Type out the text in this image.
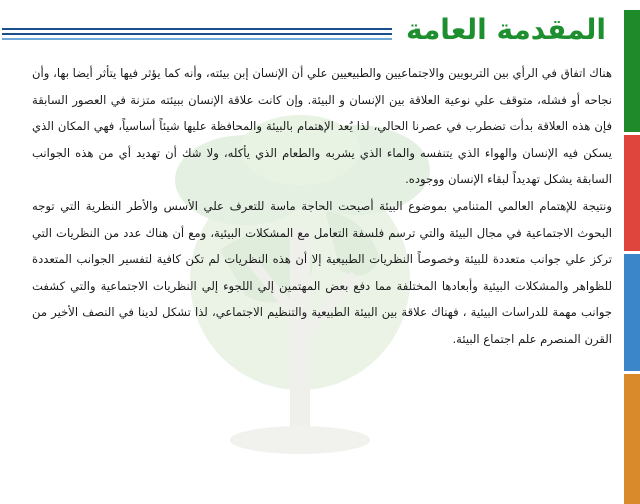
المقدمة العامة

هناك اتفاق في الرأي بين التربويين والاجتماعيين والطبيعيين علي أن الإنسان إبن بيئته، وأنه كما يؤثر فيها يتأثر أيضا بها، وأن نجاحه أو فشله، متوقف علي نوعية العلاقة بين الإنسان و البيئة. وإن كانت علاقة الإنسان ببيئته متزنة في العصور السابقة فإن هذه العلاقة بدأت تضطرب في عصرنا الحالي، لذا يُعد الإهتمام بالبيئة والمحافظة عليها شيئاً أساسياً، فهي المكان الذي يسكن فيه الإنسان والهواء الذي يتنفسه والماء الذي يشربه والطعام الذي يأكله، ولا شك أن تهديد أي من هذه الجوانب السابقة يشكل تهديداً لبقاء الإنسان ووجوده.

ونتيجة للإهتمام العالمي المتنامي بموضوع البيئة أصبحت الحاجة ماسة للتعرف علي الأسس والأطر النظرية التي توجه البحوث الاجتماعية في مجال البيئة والتي ترسم فلسفة التعامل مع المشكلات البيئية، ومع أن هناك عدد من النظريات التي تركز علي جوانب متعددة للبيئة وخصوصاً النظريات الطبيعية إلا أن هذه النظريات لم تكن كافية لتفسير الجوانب المتعددة للظواهر والمشكلات البيئية وأبعادها المختلفة مما دفع بعض المهتمين إلي اللجوء إلي النظريات الاجتماعية والتي كشفت جوانب مهمة للدراسات البيئية ، فهناك علاقة بين البيئة الطبيعية والتنظيم الاجتماعي، لذا تشكل لدينا في النصف الأخير من القرن المنصرم علم اجتماع البيئة.
